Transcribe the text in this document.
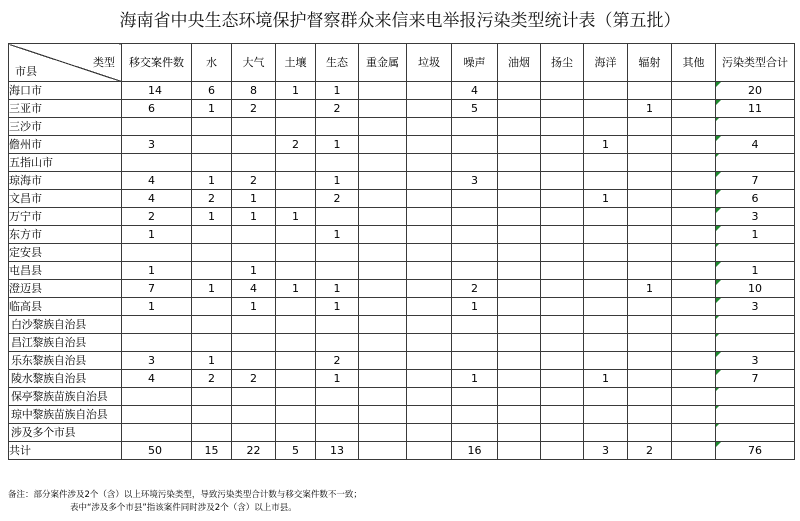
海南省中央生态环境保护督察群众来信来电举报污染类型统计表（第五批）
市县
类型	移交案件数	水	大气	土壤	生态	重金属	垃圾	噪声	油烟	扬尘	海洋	辐射	其他	污染类型合计
海口市	14	6	8	1	1			4						20
三亚市	6	1	2		2			5				1		11
三沙市														
儋州市	3			2	1						1			4
五指山市														
琼海市	4	1	2		1			3						7
文昌市	4	2	1		2						1			6
万宁市	2	1	1	1										3
东方市	1				1									1
定安县														
屯昌县	1		1											1
澄迈县	7	1	4	1	1			2				1		10
临高县	1		1		1			1						3
白沙黎族自治县														
昌江黎族自治县														
乐东黎族自治县	3	1			2									3
陵水黎族自治县	4	2	2		1			1			1			7
保亭黎族苗族自治县														
琼中黎族苗族自治县														
涉及多个市县														
共计	50	15	22	5	13			16			3	2		76
备注：部分案件涉及2个（含）以上环境污染类型，导致污染类型合计数与移交案件数不一致；
表中“涉及多个市县”指该案件同时涉及2个（含）以上市县。
